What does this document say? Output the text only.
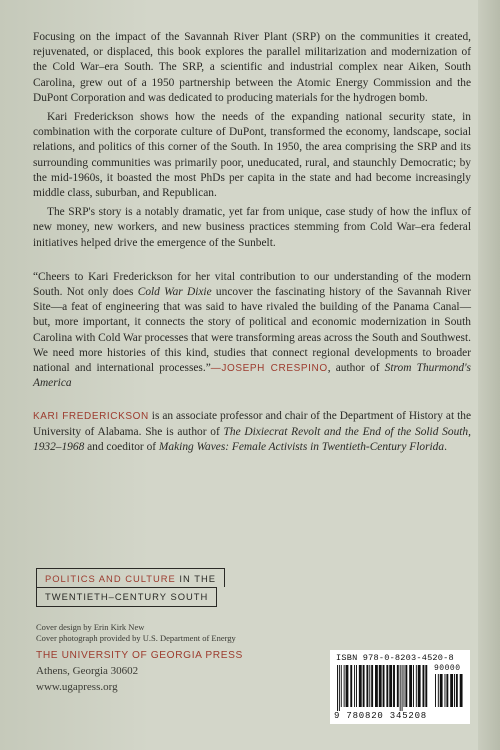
Focusing on the impact of the Savannah River Plant (SRP) on the communities it created, rejuvenated, or displaced, this book explores the parallel militarization and modernization of the Cold War–era South. The SRP, a scientific and industrial complex near Aiken, South Carolina, grew out of a 1950 partnership between the Atomic Energy Commission and the DuPont Corporation and was dedicated to producing materials for the hydrogen bomb.

Kari Frederickson shows how the needs of the expanding national security state, in combination with the corporate culture of DuPont, transformed the economy, landscape, social relations, and politics of this corner of the South. In 1950, the area comprising the SRP and its surrounding communities was primarily poor, uneducated, rural, and staunchly Democratic; by the mid-1960s, it boasted the most PhDs per capita in the state and had become increasingly middle class, suburban, and Republican.

The SRP's story is a notably dramatic, yet far from unique, case study of how the influx of new money, new workers, and new business practices stemming from Cold War–era federal initiatives helped drive the emergence of the Sunbelt.

“Cheers to Kari Frederickson for her vital contribution to our understanding of the modern South. Not only does Cold War Dixie uncover the fascinating history of the Savannah River Site—a feat of engineering that was said to have rivaled the building of the Panama Canal—but, more important, it connects the story of political and economic modernization in South Carolina with Cold War processes that were transforming areas across the South and Southwest. We need more histories of this kind, studies that connect regional developments to broader national and international processes.”—JOSEPH CRESPINO, author of Strom Thurmond's America

KARI FREDERICKSON is an associate professor and chair of the Department of History at the University of Alabama. She is author of The Dixiecrat Revolt and the End of the Solid South, 1932–1968 and coeditor of Making Waves: Female Activists in Twentieth-Century Florida.

POLITICS AND CULTURE IN THE
TWENTIETH–CENTURY SOUTH
Cover design by Erin Kirk New
Cover photograph provided by U.S. Department of Energy
THE UNIVERSITY OF GEORGIA PRESS
Athens, Georgia 30602
www.ugapress.org
ISBN 978-0-8203-4520-8
90000
9 780820 345208
